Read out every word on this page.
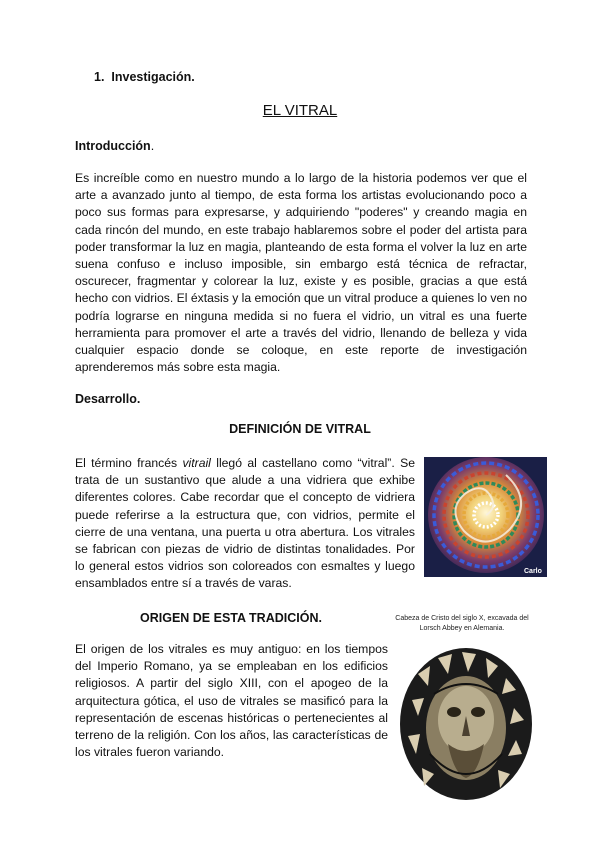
1. Investigación.
EL VITRAL
Introducción.
Es increíble como en nuestro mundo a lo largo de la historia podemos ver que el arte a avanzado junto al tiempo, de esta forma los artistas evolucionando poco a poco sus formas para expresarse, y adquiriendo "poderes" y creando magia en cada rincón del mundo, en este trabajo hablaremos sobre el poder del artista para poder transformar la luz en magia, planteando de esta forma el volver la luz en arte suena confuso e incluso imposible, sin embargo está técnica de refractar, oscurecer, fragmentar y colorear la luz, existe y es posible, gracias a que está hecho con vidrios. El éxtasis y la emoción que un vitral produce a quienes lo ven no podría lograrse en ninguna medida si no fuera el vidrio, un vitral es una fuerte herramienta para promover el arte a través del vidrio, llenando de belleza y vida cualquier espacio donde se coloque, en este reporte de investigación aprenderemos más sobre esta magia.
Desarrollo.
DEFINICIÓN DE VITRAL
El término francés vitrail llegó al castellano como “vitral”. Se trata de un sustantivo que alude a una vidriera que exhibe diferentes colores. Cabe recordar que el concepto de vidriera puede referirse a la estructura que, con vidrios, permite el cierre de una ventana, una puerta u otra abertura. Los vitrales se fabrican con piezas de vidrio de distintas tonalidades. Por lo general estos vidrios son coloreados con esmaltes y luego ensamblados entre sí a través de varas.
Carlo
ORIGEN DE ESTA TRADICIÓN.	Cabeza de Cristo del siglo X, excavada del Lorsch Abbey en Alemania.
El origen de los vitrales es muy antiguo: en los tiempos del Imperio Romano, ya se empleaban en los edificios religiosos. A partir del siglo XIII, con el apogeo de la arquitectura gótica, el uso de vitrales se masificó para la representación de escenas históricas o pertenecientes al terreno de la religión. Con los años, las características de los vitrales fueron variando.
